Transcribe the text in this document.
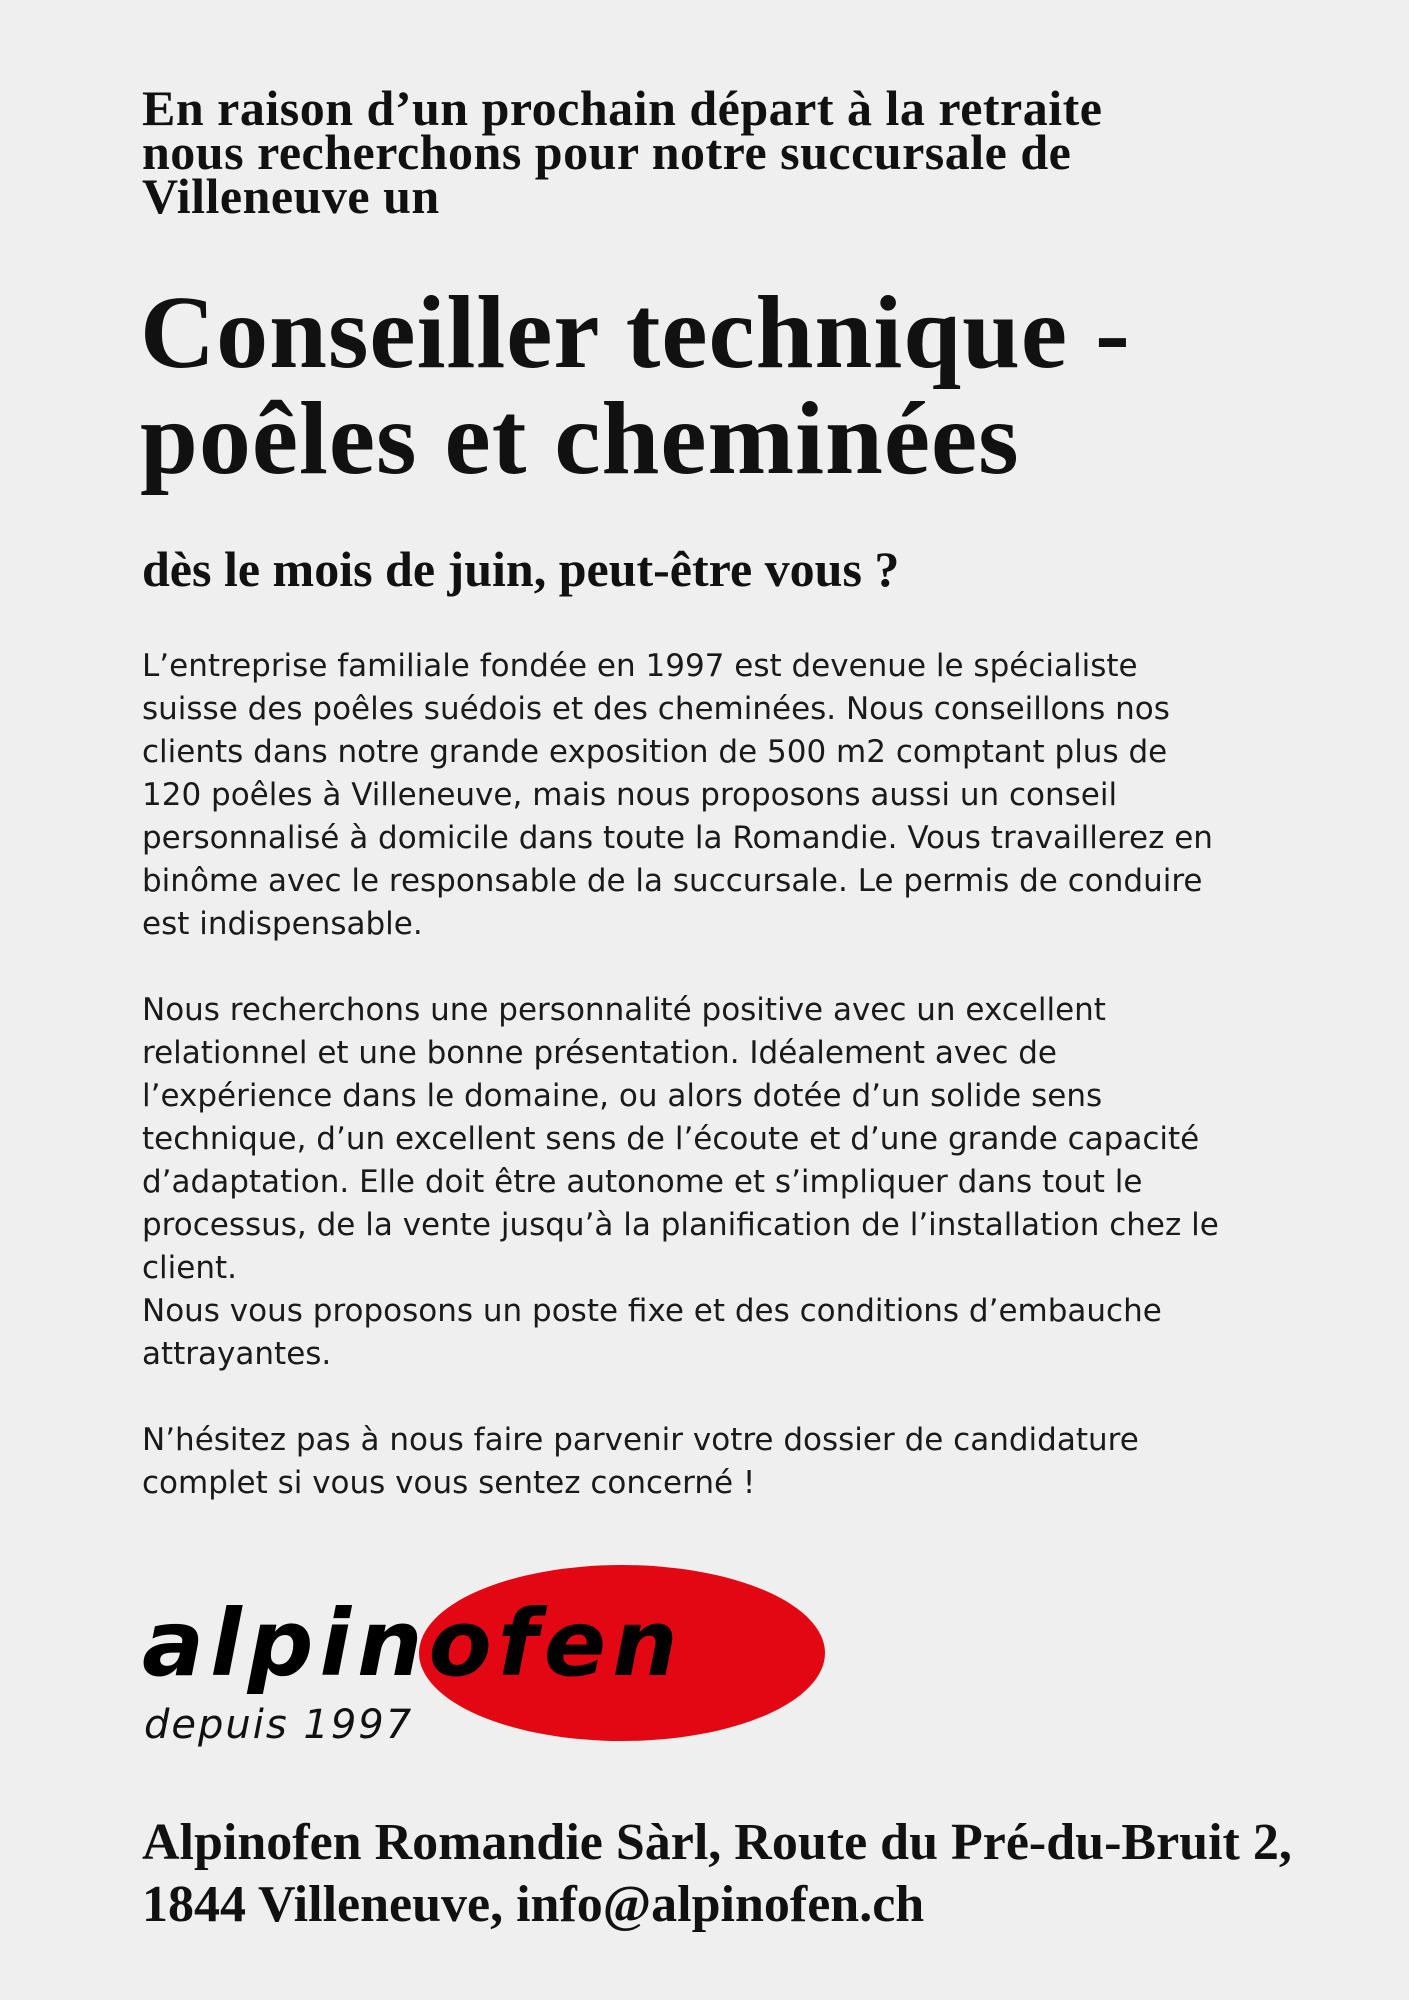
En raison d’un prochain départ à la retraite
nous recherchons pour notre succursale de
Villeneuve un
Conseiller technique -
poêles et cheminées
dès le mois de juin, peut-être vous ?
L’entreprise familiale fondée en 1997 est devenue le spécialiste
suisse des poêles suédois et des cheminées. Nous conseillons nos
clients dans notre grande exposition de 500 m2 comptant plus de
120 poêles à Villeneuve, mais nous proposons aussi un conseil
personnalisé à domicile dans toute la Romandie. Vous travaillerez en
binôme avec le responsable de la succursale. Le permis de conduire
est indispensable.
Nous recherchons une personnalité positive avec un excellent
relationnel et une bonne présentation. Idéalement avec de
l’expérience dans le domaine, ou alors dotée d’un solide sens
technique, d’un excellent sens de l’écoute et d’une grande capacité
d’adaptation. Elle doit être autonome et s’impliquer dans tout le
processus, de la vente jusqu’à la planification de l’installation chez le
client.
Nous vous proposons un poste fixe et des conditions d’embauche
attrayantes.
N’hésitez pas à nous faire parvenir votre dossier de candidature
complet si vous vous sentez concerné !
alpinofen
depuis 1997
Alpinofen Romandie Sàrl, Route du Pré-du-Bruit 2,
1844 Villeneuve, info@alpinofen.ch
